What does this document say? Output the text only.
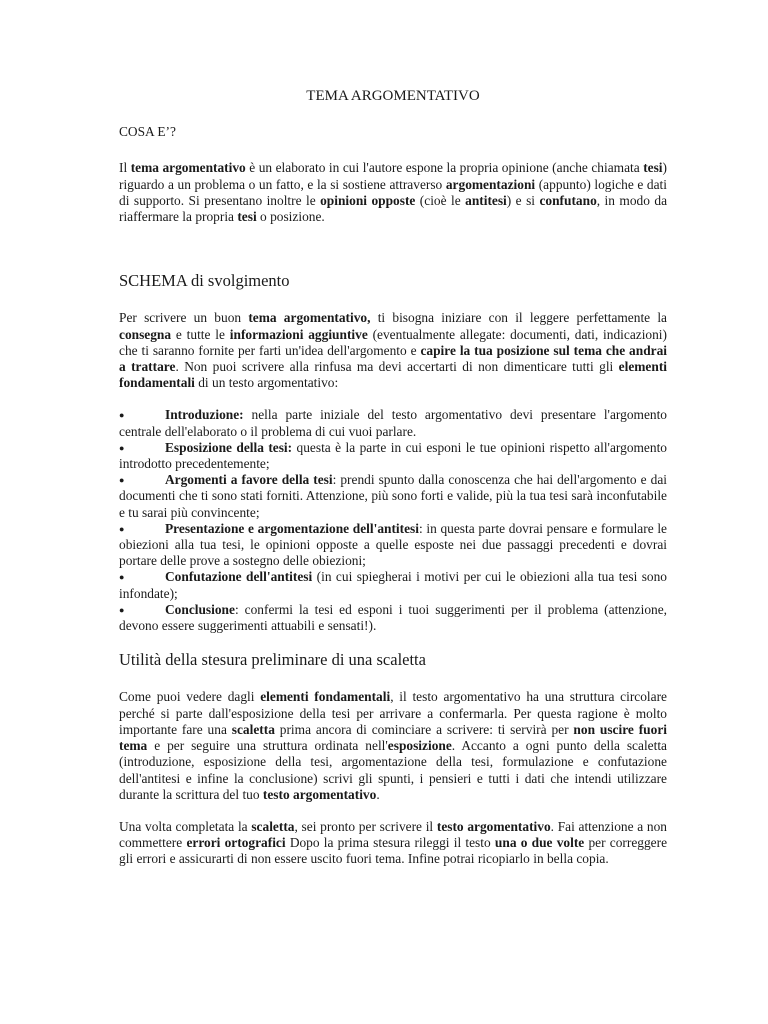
TEMA ARGOMENTATIVO
COSA E’?

Il tema argomentativo è un elaborato in cui l'autore espone la propria opinione (anche chiamata tesi) riguardo a un problema o un fatto, e la si sostiene attraverso argomentazioni (appunto) logiche e dati di supporto. Si presentano inoltre le opinioni opposte (cioè le antitesi) e si confutano, in modo da riaffermare la propria tesi o posizione.

SCHEMA di svolgimento

Per scrivere un buon tema argomentativo, ti bisogna iniziare con il leggere perfettamente la consegna e tutte le informazioni aggiuntive (eventualmente allegate: documenti, dati, indicazioni) che ti saranno fornite per farti un'idea dell'argomento e capire la tua posizione sul tema che andrai a trattare. Non puoi scrivere alla rinfusa ma devi accertarti di non dimenticare tutti gli elementi fondamentali di un testo argomentativo:

●	Introduzione: nella parte iniziale del testo argomentativo devi presentare l'argomento centrale dell'elaborato o il problema di cui vuoi parlare.
●	Esposizione della tesi: questa è la parte in cui esponi le tue opinioni rispetto all'argomento introdotto precedentemente;
●	Argomenti a favore della tesi: prendi spunto dalla conoscenza che hai dell'argomento e dai documenti che ti sono stati forniti. Attenzione, più sono forti e valide, più la tua tesi sarà inconfutabile e tu sarai più convincente;
●	Presentazione e argomentazione dell'antitesi: in questa parte dovrai pensare e formulare le obiezioni alla tua tesi, le opinioni opposte a quelle esposte nei due passaggi precedenti e dovrai portare delle prove a sostegno delle obiezioni;
●	Confutazione dell'antitesi (in cui spiegherai i motivi per cui le obiezioni alla tua tesi sono infondate);
●	Conclusione: confermi la tesi ed esponi i tuoi suggerimenti per il problema (attenzione, devono essere suggerimenti attuabili e sensati!).
Utilità della stesura preliminare di una scaletta

Come puoi vedere dagli elementi fondamentali, il testo argomentativo ha una struttura circolare perché si parte dall'esposizione della tesi per arrivare a confermarla. Per questa ragione è molto importante fare una scaletta prima ancora di cominciare a scrivere: ti servirà per non uscire fuori tema e per seguire una struttura ordinata nell'esposizione. Accanto a ogni punto della scaletta (introduzione, esposizione della tesi, argomentazione della tesi, formulazione e confutazione dell'antitesi e infine la conclusione) scrivi gli spunti, i pensieri e tutti i dati che intendi utilizzare durante la scrittura del tuo testo argomentativo.

Una volta completata la scaletta, sei pronto per scrivere il testo argomentativo. Fai attenzione a non commettere errori ortografici Dopo la prima stesura rileggi il testo una o due volte per correggere gli errori e assicurarti di non essere uscito fuori tema. Infine potrai ricopiarlo in bella copia.
